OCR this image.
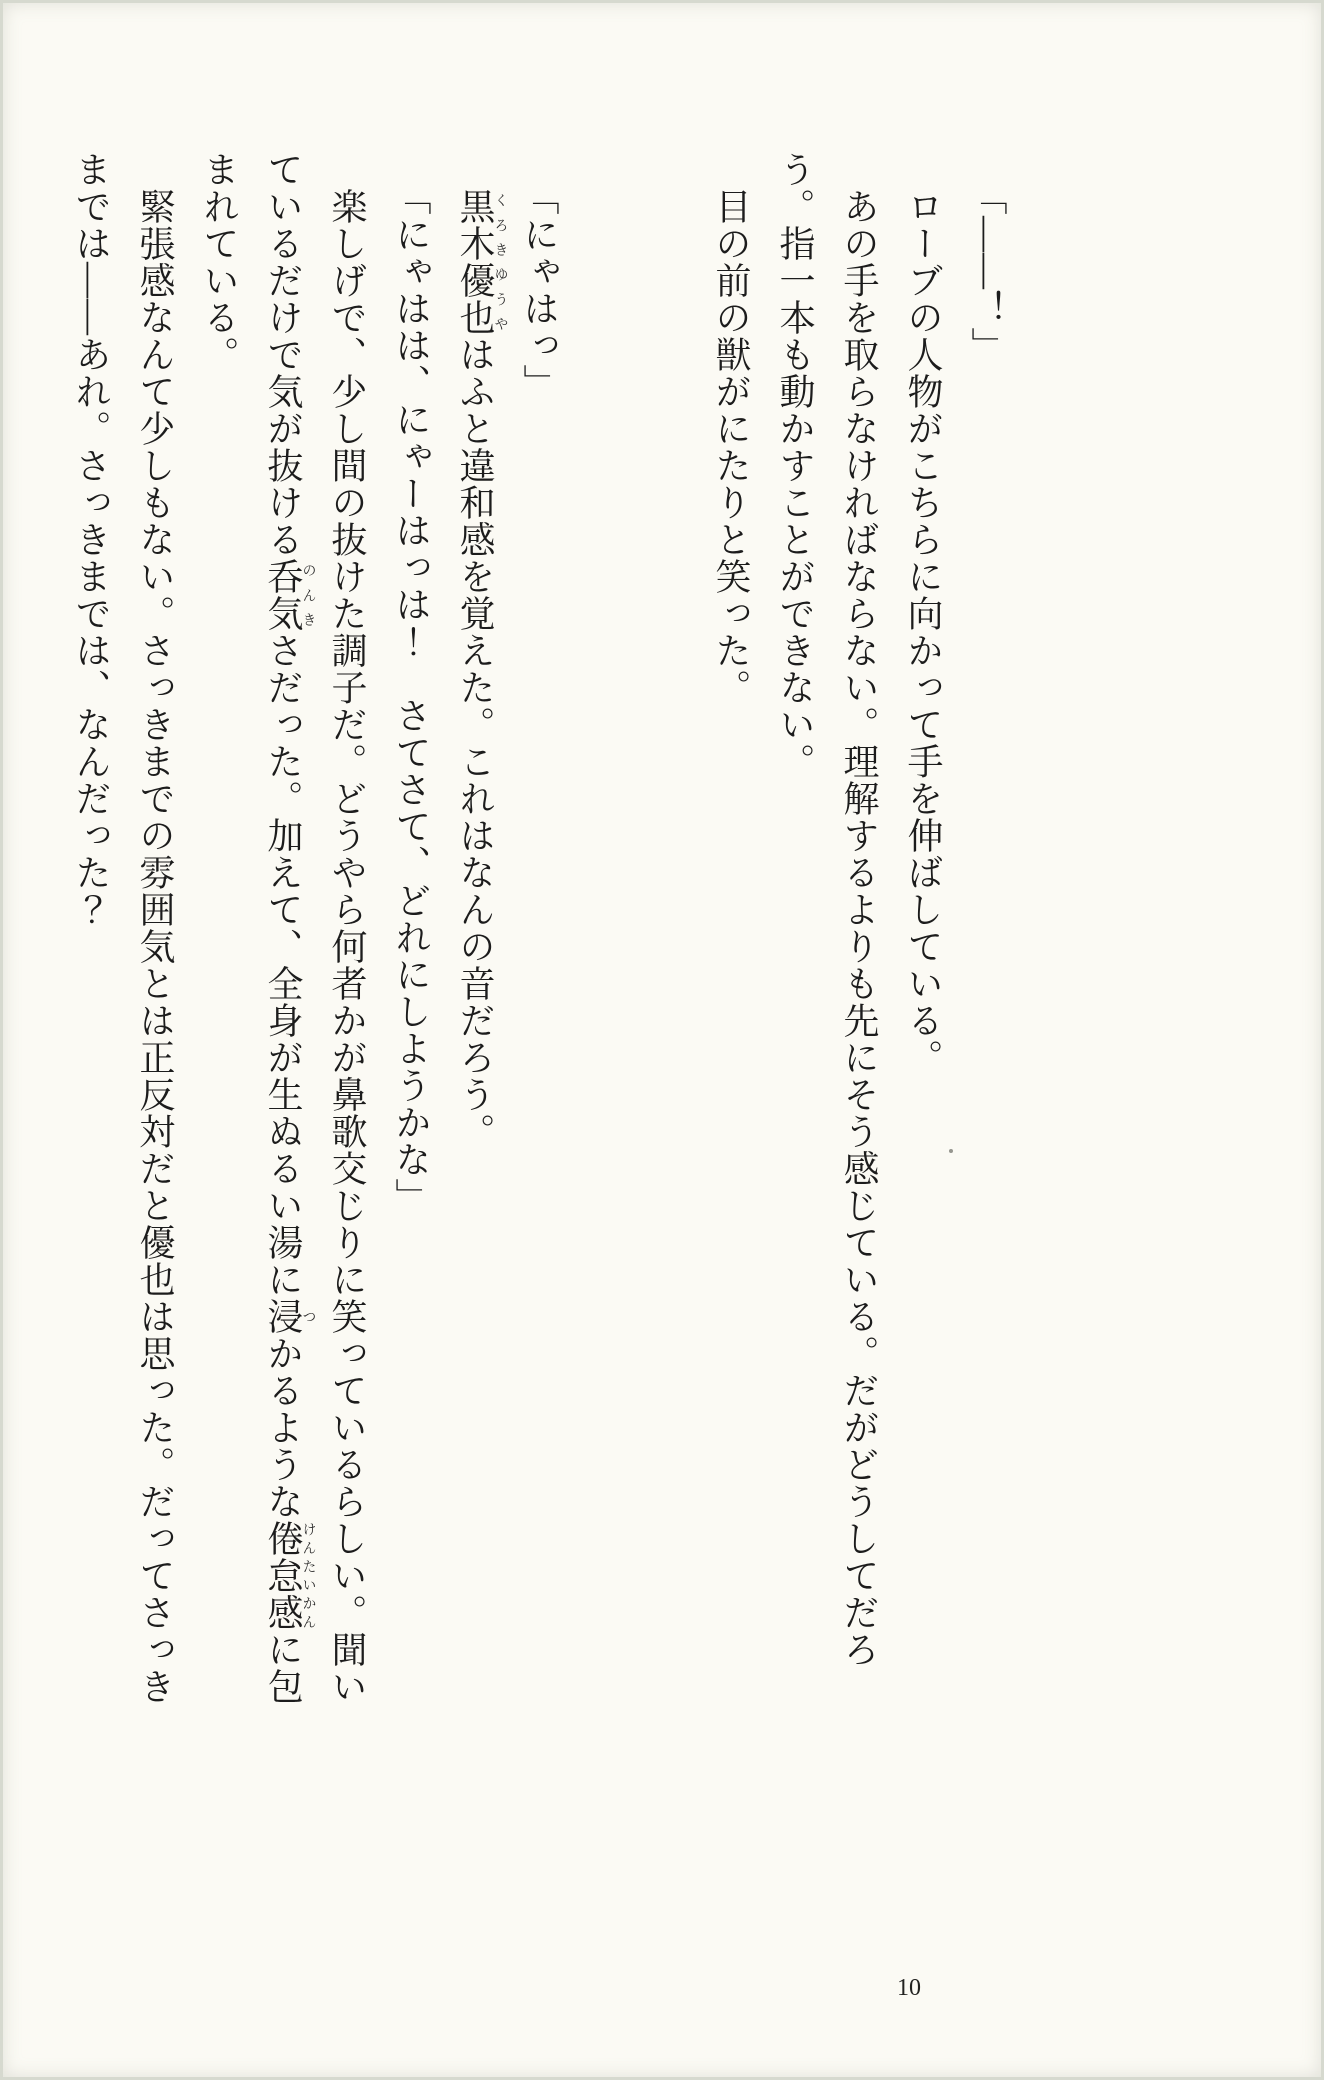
「――！」

　ローブの人物がこちらに向かって手を伸ばしている。

　あの手を取らなければならない。理解するよりも先にそう感じている。だがどうしてだろう。指一本も動かすことができない。

　目の前の獣がにたりと笑った。

「にゃはっ」

　黒木優也くろきゆうやはふと違和感を覚えた。これはなんの音だろう。

「にゃはは、にゃーはっは！　さてさて、どれにしようかな」

　楽しげで、少し間の抜けた調子だ。どうやら何者かが鼻歌交じりに笑っているらしい。聞いているだけで気が抜ける呑気のんきさだった。加えて、全身が生ぬるい湯に浸つかるような倦怠感けんたいかんに包まれている。

　緊張感なんて少しもない。さっきまでの雰囲気とは正反対だと優也は思った。だってさっきまでは――あれ。さっきまでは、なんだった？

10
